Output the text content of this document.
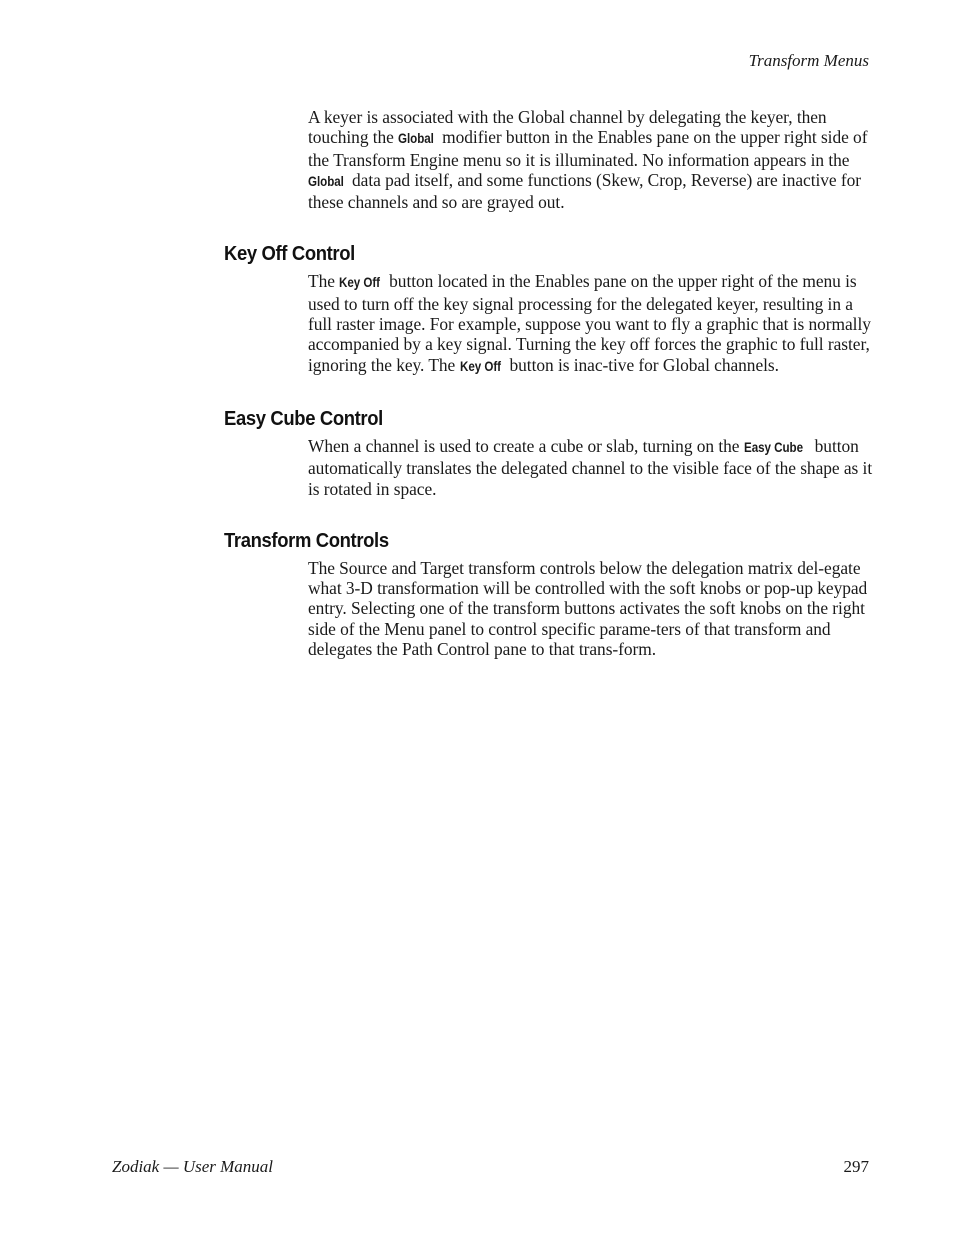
Transform Menus

A keyer is associated with the Global channel by delegating the keyer, then touching the Global modifier button in the Enables pane on the upper right side of the Transform Engine menu so it is illuminated. No information appears in the Global data pad itself, and some functions (Skew, Crop, Reverse) are inactive for these channels and so are grayed out.

Key Off Control

The Key Off button located in the Enables pane on the upper right of the menu is used to turn off the key signal processing for the delegated keyer, resulting in a full raster image. For example, suppose you want to fly a graphic that is normally accompanied by a key signal. Turning the key off forces the graphic to full raster, ignoring the key. The Key Off button is inac-tive for Global channels.

Easy Cube Control

When a channel is used to create a cube or slab, turning on the Easy Cube button automatically translates the delegated channel to the visible face of the shape as it is rotated in space.

Transform Controls

The Source and Target transform controls below the delegation matrix del-egate what 3-D transformation will be controlled with the soft knobs or pop-up keypad entry. Selecting one of the transform buttons activates the soft knobs on the right side of the Menu panel to control specific parame-ters of that transform and delegates the Path Control pane to that trans-form.

Zodiak — User Manual	297
